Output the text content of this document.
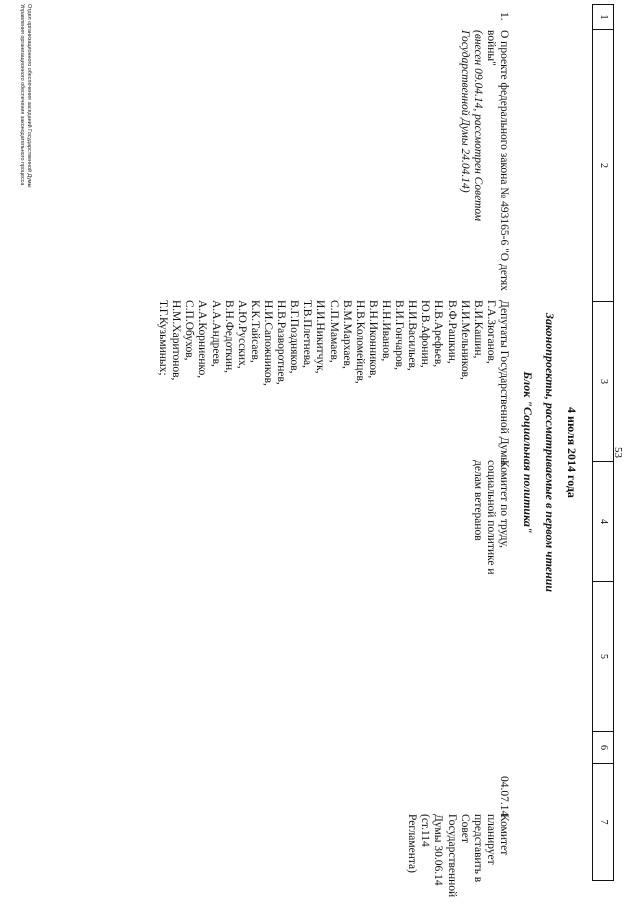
53
1
2
3
4
5
6
7
4 июля 2014 года
Законопроекты, рассматриваемые в первом чтении
Блок "Социальная политика"
1.
О проекте федерального закона № 493165-6 "О детях войны"
(внесен 09.04.14, рассмотрен Советом Государственной Думы 24.04.14)
Депутаты Государственной Думы
Г.А.Зюганов,
В.И.Кашин,
И.И.Мельников,
В.Ф.Рашкин,
Н.В.Арефьев,
Ю.В.Афонин,
Н.И.Васильев,
В.И.Гончаров,
Н.Н.Иванов,
В.Н.Иконников,
Н.В.Коломейцев,
В.М.Мархаев,
С.П.Мамаев,
И.И.Никитчук,
Т.В.Плетнева,
В.Г.Поздняков,
Н.В.Разворотнев,
Н.И.Сапожников,
К.К.Тайсаев,
А.Ю.Русских,
В.Н.Федоткин,
А.А.Андреев,
А.А.Корниенко,
С.П.Обухов,
Н.М.Харитонов,
Т.Г.Кузьминых;
Комитет по труду, социальной политике и делам ветеранов
04.07.14
Комитет планирует представить в Совет Государственной Думы 30.06.14 (ст.114 Регламента)
Отдел организационного обеспечения заседаний Государственной Думы
Управления организационного обеспечения законодательного процесса
